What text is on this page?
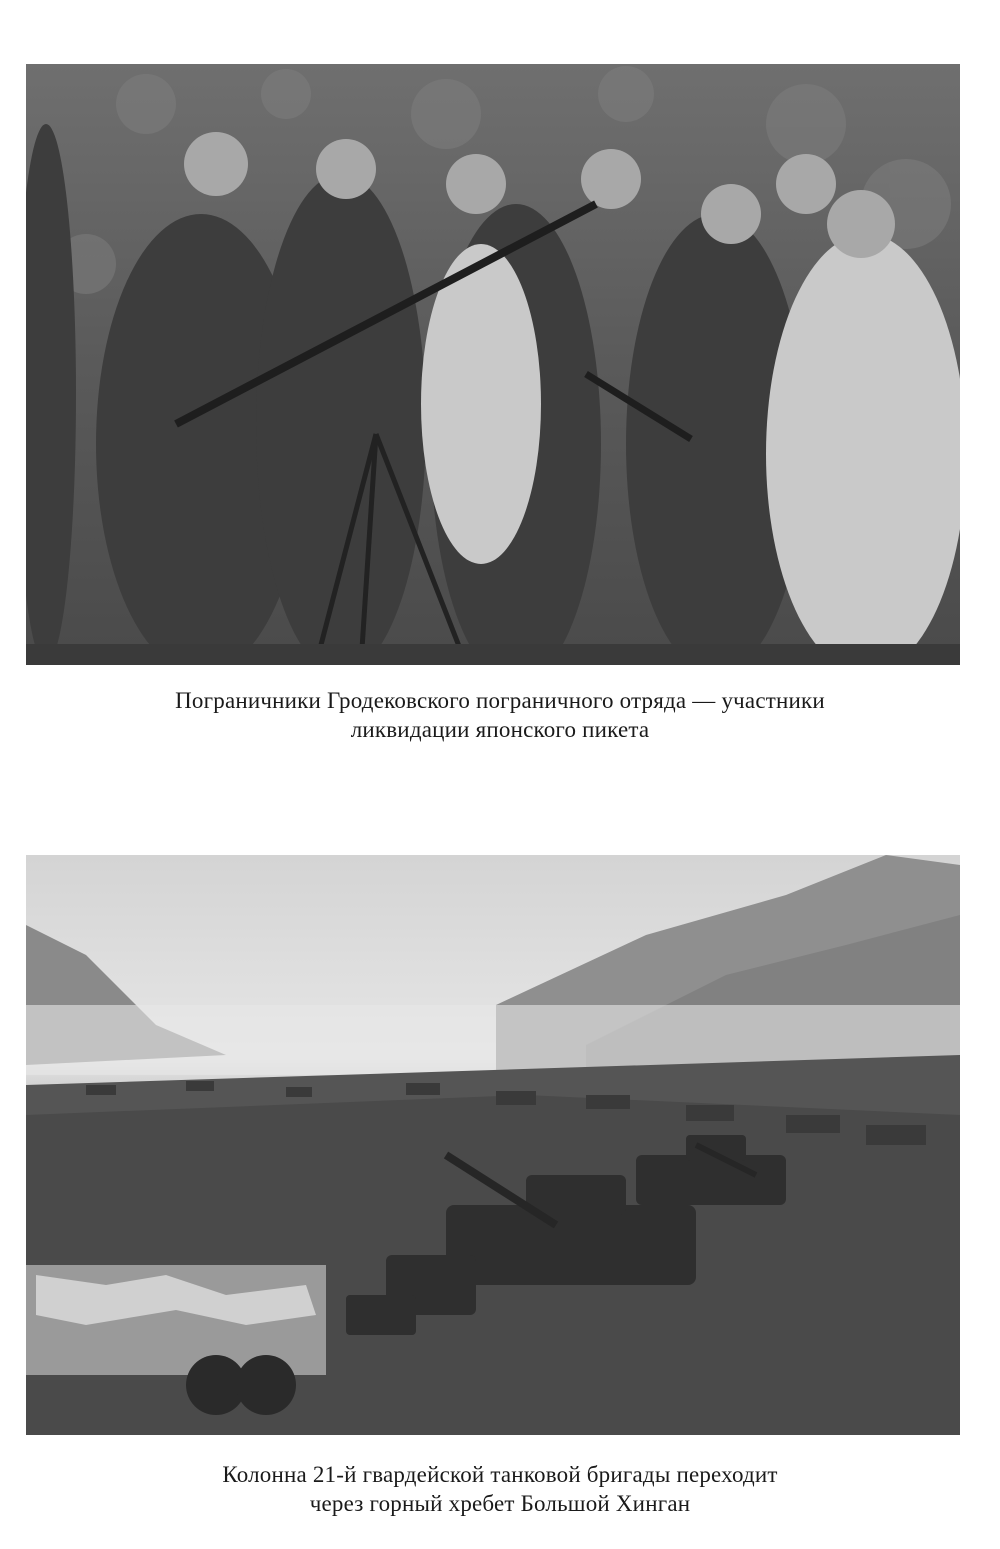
Пограничники Гродековского пограничного отряда — участники
ликвидации японского пикета
Колонна 21-й гвардейской танковой бригады переходит
через горный хребет Большой Хинган
